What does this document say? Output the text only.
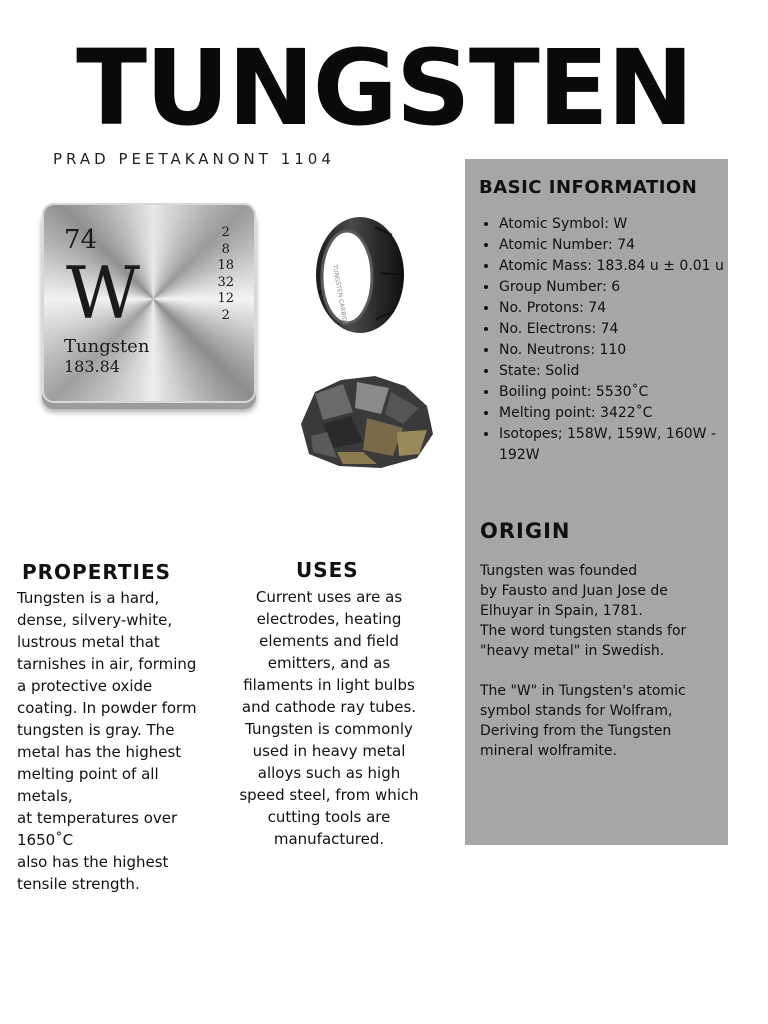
TUNGSTEN
PRAD PEETAKANONT 1104
74
W
Tungsten
183.84
2
8
18
32
12
2	TUNGSTEN CARBIDE
BASIC INFORMATION
• Atomic Symbol: W
• Atomic Number: 74
• Atomic Mass: 183.84 u ± 0.01 u
• Group Number: 6
• No. Protons: 74
• No. Electrons: 74
• No. Neutrons: 110
• State: Solid
• Boiling point: 5530˚C
• Melting point: 3422˚C
• Isotopes; 158W, 159W, 160W - 192W
ORIGIN
Tungsten was founded
by Fausto and Juan Jose de Elhuyar in Spain, 1781.
The word tungsten stands for "heavy metal" in Swedish.

The "W" in Tungsten's atomic symbol stands for Wolfram, Deriving from the Tungsten mineral wolframite.
PROPERTIES
Tungsten is a hard, dense, silvery-white, lustrous metal that tarnishes in air, forming a protective oxide coating. In powder form tungsten is gray. The metal has the highest melting point of all metals,
at temperatures over 1650˚C
also has the highest tensile strength.
USES
Current uses are as electrodes, heating elements and field emitters, and as filaments in light bulbs and cathode ray tubes. Tungsten is commonly used in heavy metal alloys such as high speed steel, from which cutting tools are manufactured.
